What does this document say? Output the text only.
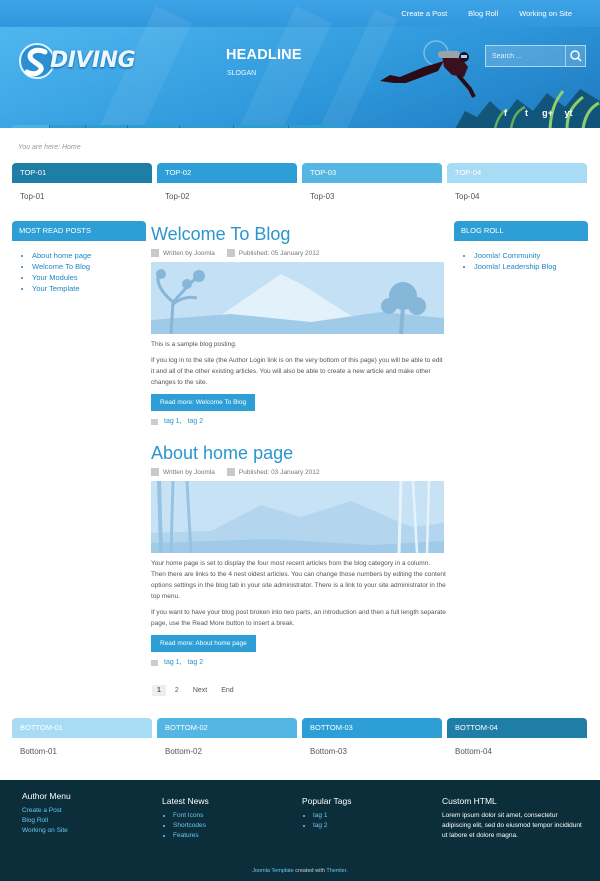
Create a Post	Blog Roll	Working on Site
DIVING	HEADLINE
SLOGAN
Search ...
f	t	g+ yt
You are here: Home
TOP-01
Top-01
TOP-02
Top-02
TOP-03
Top-03
TOP-04
Top-04
MOST READ POSTS
• About home page
• Welcome To Blog
• Your Modules
• Your Template
BLOG ROLL
• Joomla! Community
• Joomla! Leadership Blog
Welcome To Blog
Written by Joomla	Published: 05 January 2012

This is a sample blog posting.

If you log in to the site (the Author Login link is on the very bottom of this page) you will be able to edit it and all of the other existing articles. You will also be able to create a new article and make other changes to the site.

Read more: Welcome To Blog
tag 1 , tag 2
About home page
Written by Joomla	Published: 03 January 2012

Your home page is set to display the four most recent articles from the blog category in a column. Then there are links to the 4 nest oldest articles. You can change those numbers by editing the content options settings in the blog tab in your site administrator. There is a link to your site administrator in the top menu.

If you want to have your blog post broken into two parts, an introduction and then a full length separate page, use the Read More button to insert a break.

Read more: About home page
tag 1 , tag 2
1	2	Next	End
BOTTOM-01
Bottom-01
BOTTOM-02
Bottom-02
BOTTOM-03
Bottom-03
BOTTOM-04
Bottom-04
Author Menu
Create a Post
Blog Roll
Working on Site
Latest News
• Font Icons
• Shortcodes
• Features
Popular Tags
• tag 1
• tag 2
Custom HTML
Lorem ipsum dolor sit amet, consectetur adipiscing elit, sed do eiusmod tempor incididunt ut labore et dolore magna.
Joomla Template created with Themler.
